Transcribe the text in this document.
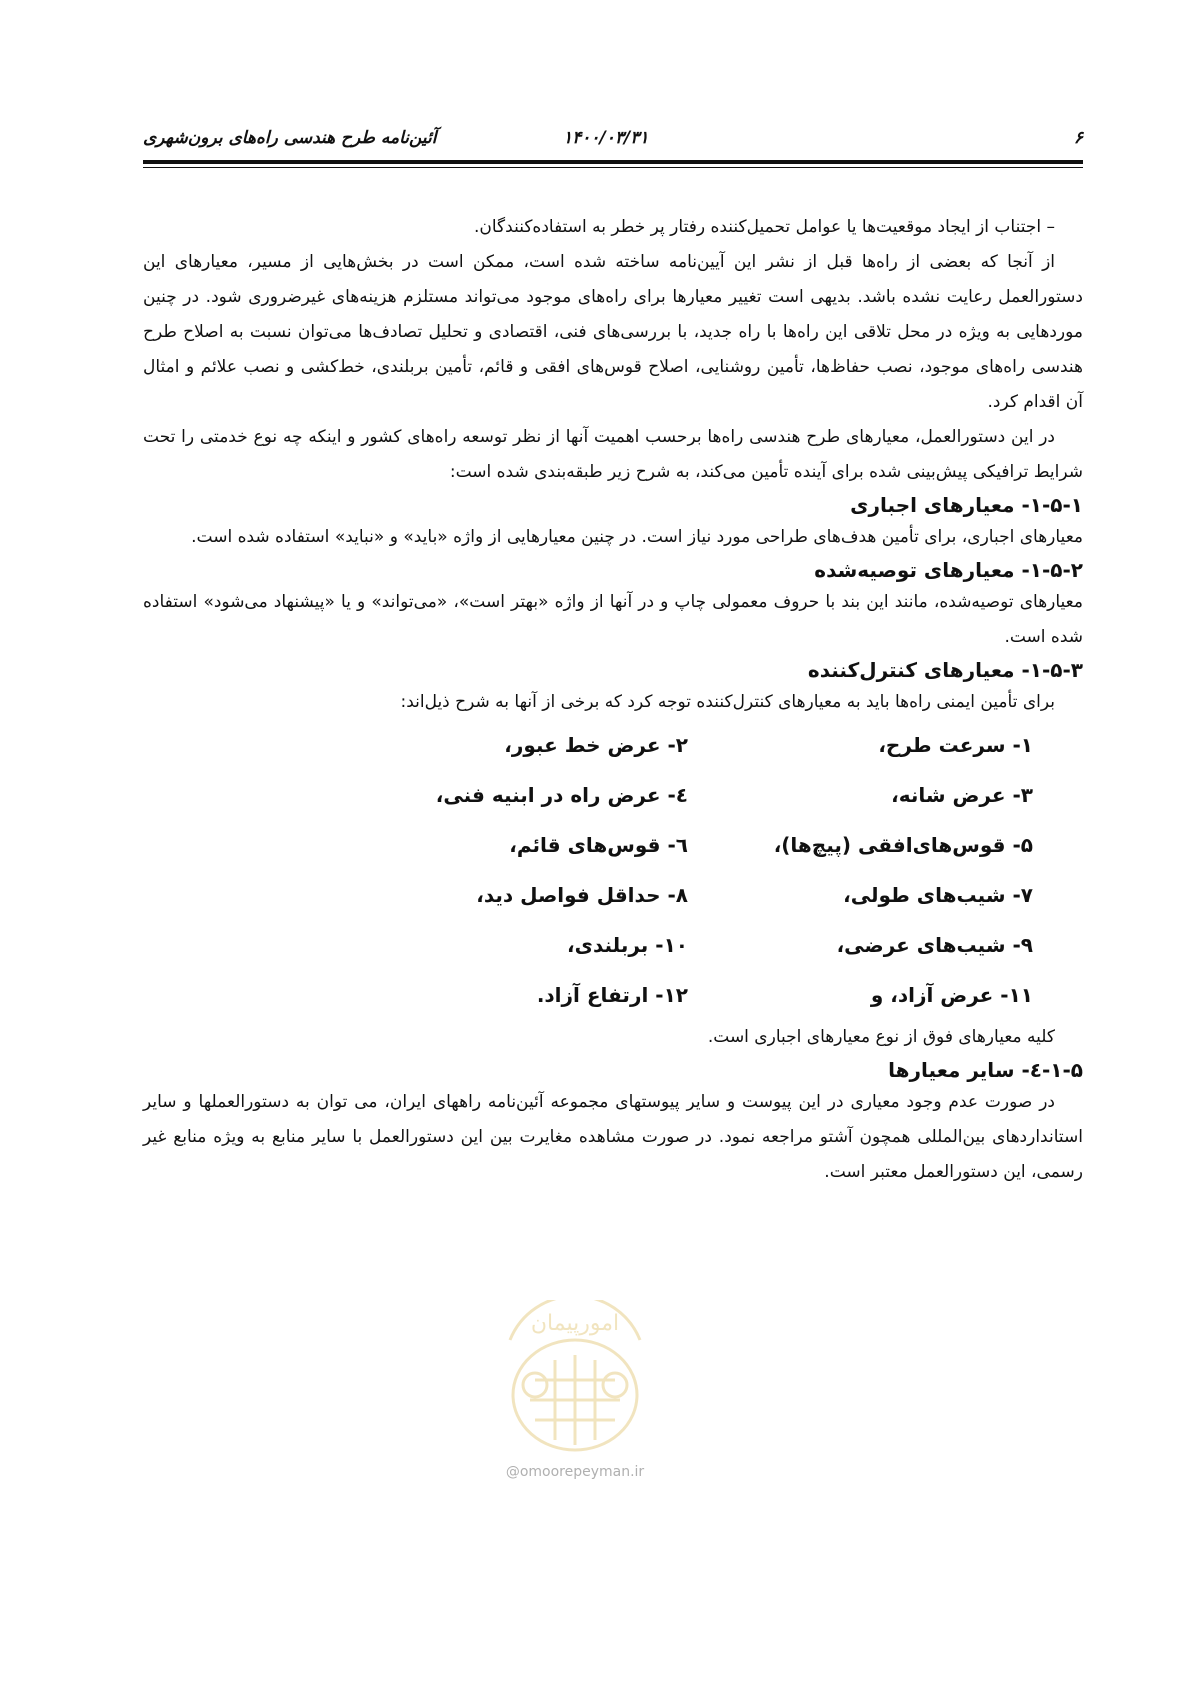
۶
۱۴۰۰/۰۳/۳۱
آئین‌نامه طرح هندسی راه‌های برون‌شهری

– اجتناب از ایجاد موقعیت‌ها یا عوامل تحمیل‌کننده رفتار پر خطر به استفاده‌کنندگان.

از آنجا که بعضی از راه‌ها قبل از نشر این آیین‌نامه ساخته شده است، ممکن است در بخش‌هایی از مسیر، معیارهای این دستورالعمل رعایت نشده باشد. بدیهی است تغییر معیارها برای راه‌های موجود می‌تواند مستلزم هزینه‌های غیرضروری شود. در چنین موردهایی به ویژه در محل تلاقی این راه‌ها با راه جدید، با بررسی‌های فنی، اقتصادی و تحلیل تصادف‌ها می‌توان نسبت به اصلاح طرح هندسی راه‌های موجود، نصب حفاظ‌ها، تأمین روشنایی، اصلاح قوس‌های افقی و قائم، تأمین بربلندی، خط‌کشی و نصب علائم و امثال آن اقدام کرد.

در این دستورالعمل، معیارهای طرح هندسی راه‌ها برحسب اهمیت آنها از نظر توسعه راه‌های کشور و اینکه چه نوع خدمتی را تحت شرایط ترافیکی پیش‌بینی شده برای آینده تأمین می‌کند، به شرح زیر طبقه‌بندی شده است:

۱-۵-۱- معیارهای اجباری

معیارهای اجباری، برای تأمین هدف‌های طراحی مورد نیاز است. در چنین معیارهایی از واژه «باید» و «نباید» استفاده شده است.

۱-۵-۲- معیارهای توصیه‌شده

معیارهای توصیه‌شده، مانند این بند با حروف معمولی چاپ و در آنها از واژه «بهتر است»، «می‌تواند» و یا «پیشنهاد می‌شود» استفاده شده است.

۱-۵-۳- معیارهای کنترل‌کننده

برای تأمین ایمنی راه‌ها باید به معیارهای کنترل‌کننده توجه کرد که برخی از آنها به شرح ذیل‌اند:

۱- سرعت طرح،
۲- عرض خط عبور،
۳- عرض شانه،
٤- عرض راه در ابنیه فنی،
۵- قوس‌های‌افقی (پیچ‌ها)،
٦- قوس‌های قائم،
۷- شیب‌های طولی،
۸- حداقل فواصل دید،
۹- شیب‌های عرضی،
۱۰- بربلندی،
۱۱- عرض آزاد، و
۱۲- ارتفاع آزاد.

کلیه معیارهای فوق از نوع معیارهای اجباری است.

۱-۵-٤- سایر معیارها

در صورت عدم وجود معیاری در این پیوست و سایر پیوستهای مجموعه آئین‌نامه راههای ایران، می توان به دستورالعملها و سایر استانداردهای بین‌المللی همچون آشتو مراجعه نمود. در صورت مشاهده مغایرت بین این دستورالعمل با سایر منابع به ویژه منابع غیر رسمی، این دستورالعمل معتبر است.

امورپیمان
@omoorepeyman.ir
